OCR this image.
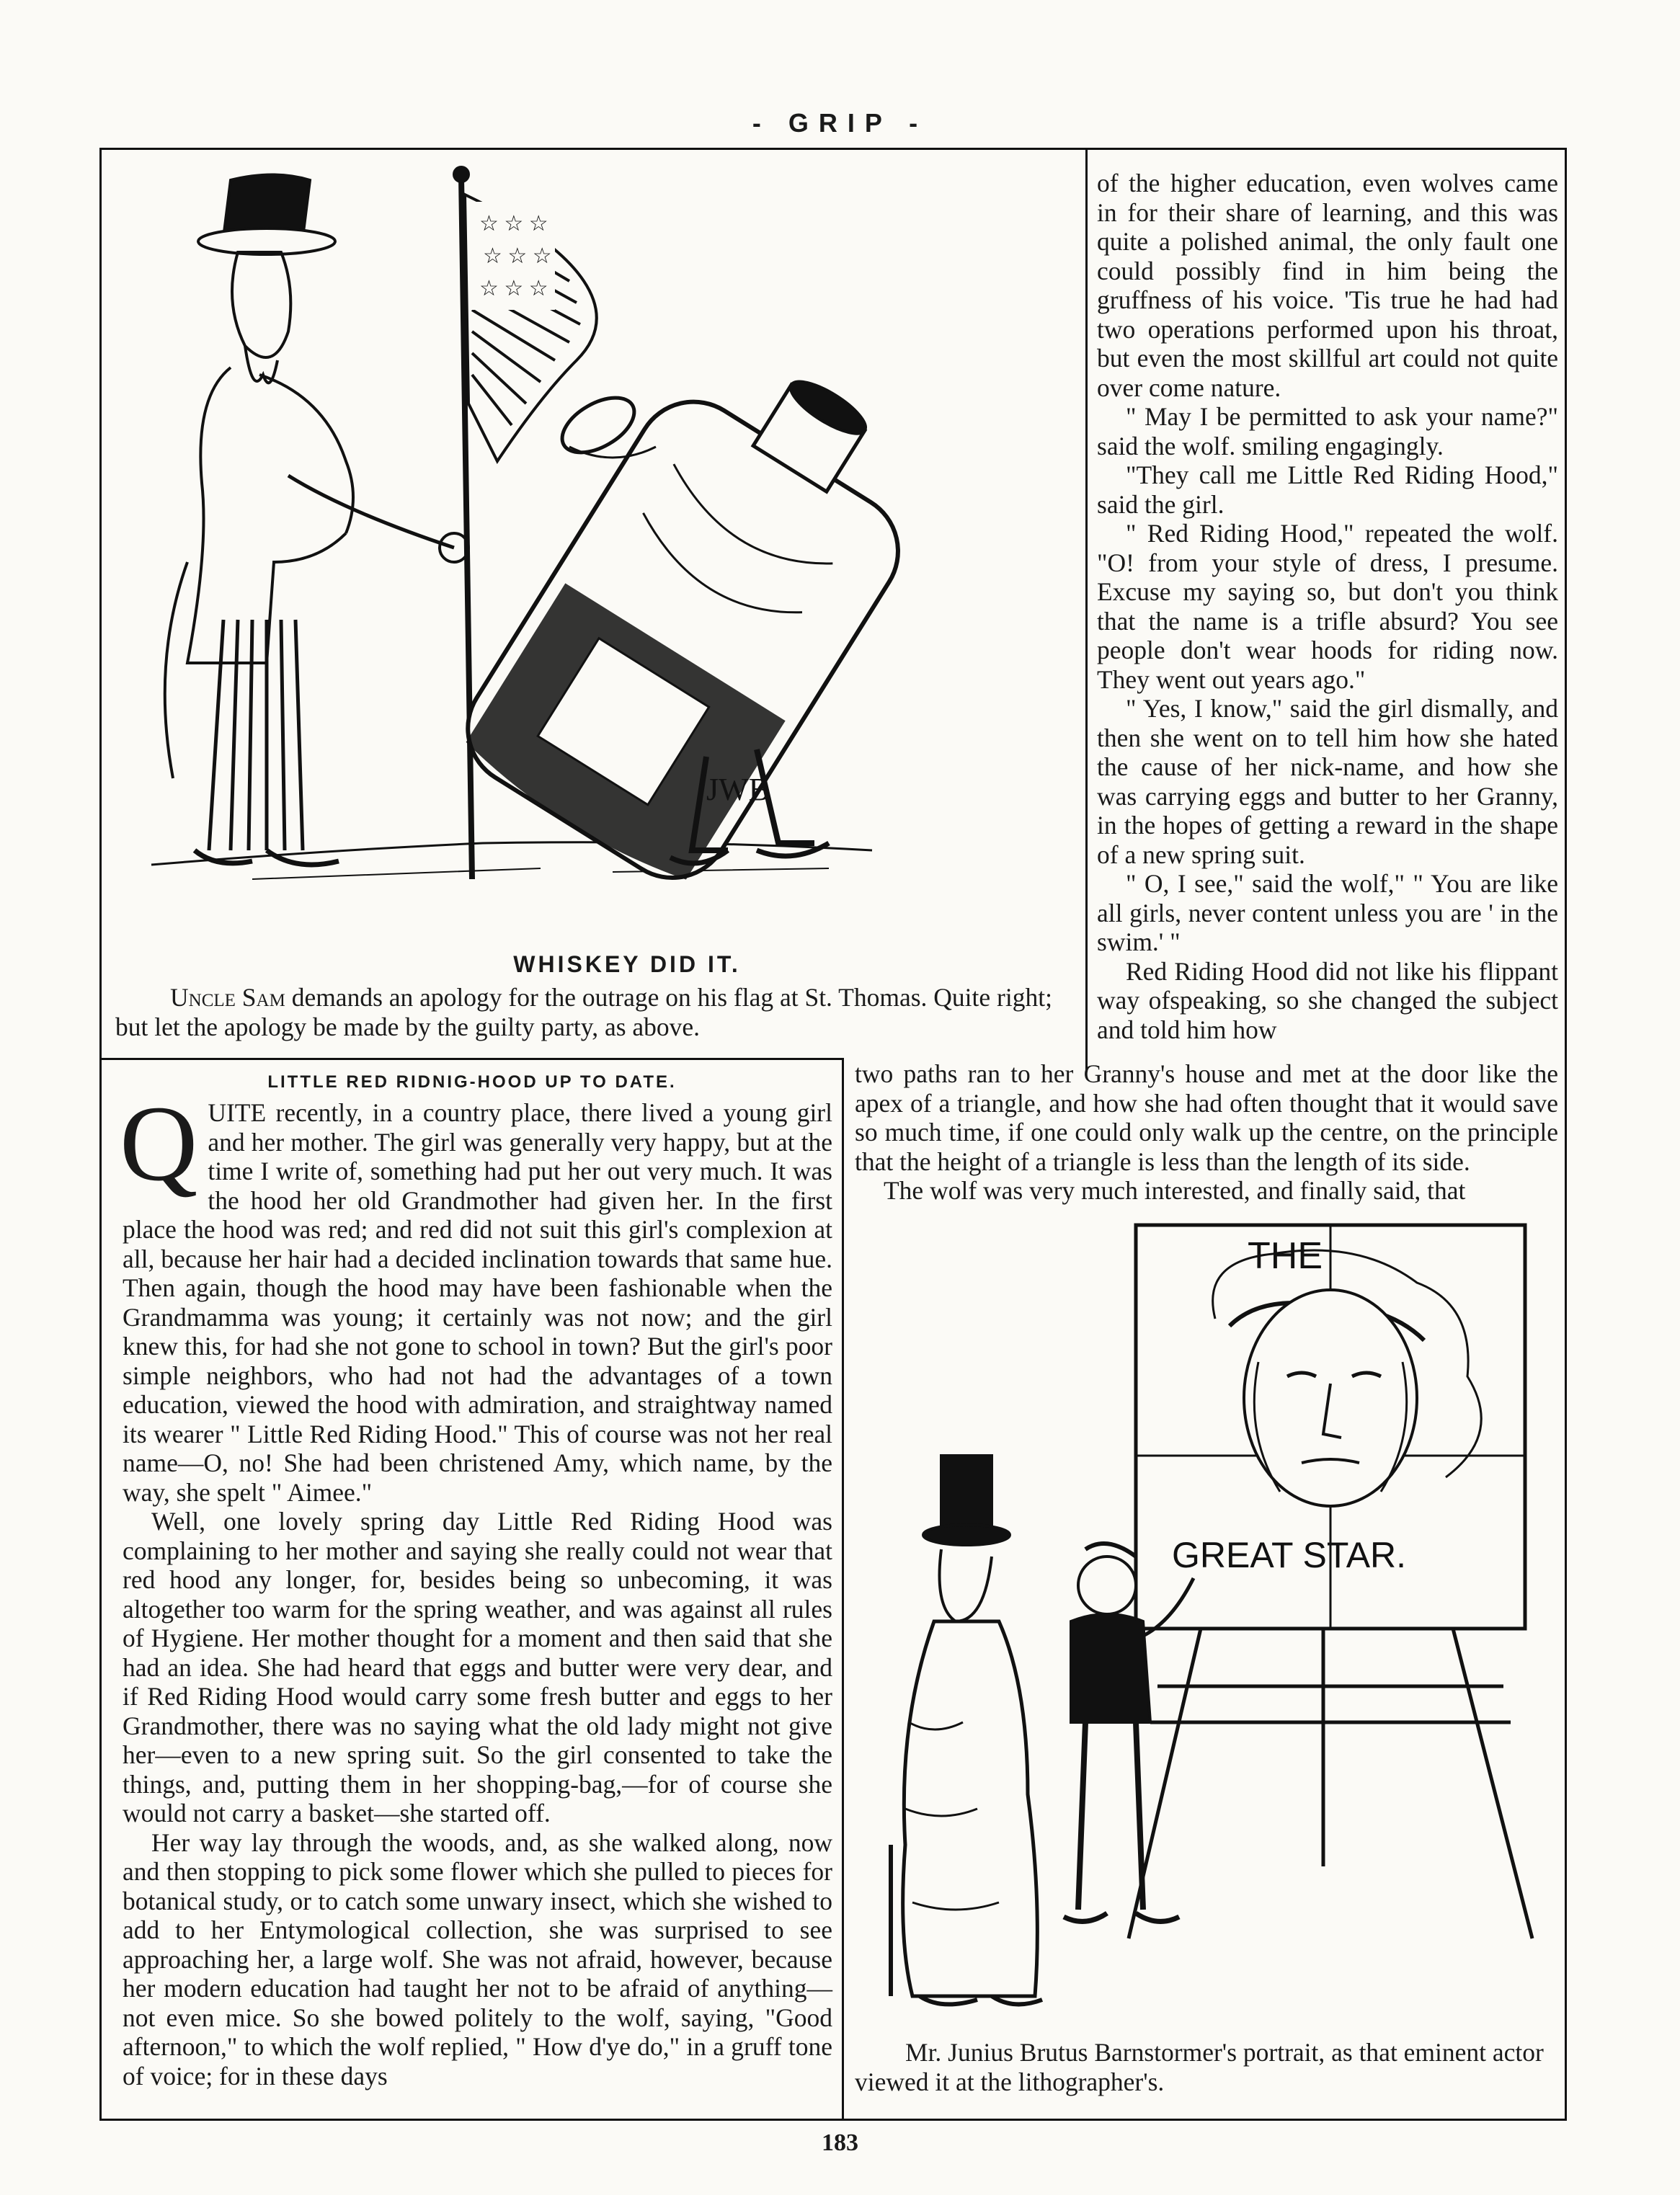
- GRIP -
☆ ☆ ☆
☆ ☆ ☆
☆ ☆ ☆
JWB
WHISKEY DID IT.

Uncle Sam demands an apology for the outrage on his flag at St. Thomas. Quite right; but let the apology be made by the guilty party, as above.

of the higher education, even wolves came in for their share of learning, and this was quite a polished animal, the only fault one could possibly find in him being the gruffness of his voice. 'Tis true he had had two operations performed upon his throat, but even the most skillful art could not quite over come nature.

" May I be permitted to ask your name?" said the wolf. smiling engagingly.

"They call me Little Red Riding Hood," said the girl.

" Red Riding Hood," repeated the wolf. "O! from your style of dress, I presume. Excuse my saying so, but don't you think that the name is a trifle absurd? You see people don't wear hoods for riding now. They went out years ago."

" Yes, I know," said the girl dismally, and then she went on to tell him how she hated the cause of her nick-name, and how she was carrying eggs and butter to her Granny, in the hopes of getting a reward in the shape of a new spring suit.

" O, I see," said the wolf," " You are like all girls, never content unless you are ' in the swim.' "

Red Riding Hood did not like his flippant way ofspeaking, so she changed the subject and told him how

two paths ran to her Granny's house and met at the door like the apex of a triangle, and how she had often thought that it would save so much time, if one could only walk up the centre, on the principle that the height of a triangle is less than the length of its side.

The wolf was very much interested, and finally said, that

LITTLE RED RIDNIG-HOOD UP TO DATE.

QUITE recently, in a country place, there lived a young girl and her mother. The girl was generally very happy, but at the time I write of, something had put her out very much. It was the hood her old Grandmother had given her. In the first place the hood was red; and red did not suit this girl's complexion at all, because her hair had a decided inclination towards that same hue. Then again, though the hood may have been fashionable when the Grandmamma was young; it certainly was not now; and the girl knew this, for had she not gone to school in town? But the girl's poor simple neighbors, who had not had the advantages of a town education, viewed the hood with admiration, and straightway named its wearer " Little Red Riding Hood." This of course was not her real name—O, no! She had been christened Amy, which name, by the way, she spelt " Aimee."

Well, one lovely spring day Little Red Riding Hood was complaining to her mother and saying she really could not wear that red hood any longer, for, besides being so unbecoming, it was altogether too warm for the spring weather, and was against all rules of Hygiene. Her mother thought for a moment and then said that she had an idea. She had heard that eggs and butter were very dear, and if Red Riding Hood would carry some fresh butter and eggs to her Grandmother, there was no saying what the old lady might not give her—even to a new spring suit. So the girl consented to take the things, and, putting them in her shopping-bag,—for of course she would not carry a basket—she started off.

Her way lay through the woods, and, as she walked along, now and then stopping to pick some flower which she pulled to pieces for botanical study, or to catch some unwary insect, which she wished to add to her Entymological collection, she was surprised to see approaching her, a large wolf. She was not afraid, however, because her modern education had taught her not to be afraid of anything—not even mice. So she bowed politely to the wolf, saying, "Good afternoon," to which the wolf replied, " How d'ye do," in a gruff tone of voice; for in these days

THE
GREAT STAR.

Mr. Junius Brutus Barnstormer's portrait, as that eminent actor viewed it at the lithographer's.

183
